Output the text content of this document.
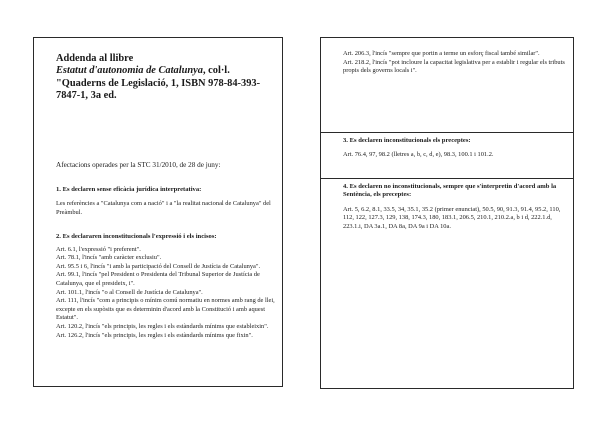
Addenda al llibre
Estatut d'autonomia de Catalunya, col·l. "Quaderns de Legislació, 1, ISBN 978-84-393-7847-1, 3a ed.

Afectacions operades per la STC 31/2010, de 28 de juny:

1. Es declaren sense eficàcia jurídica interpretativa:

Les referències a "Catalunya com a nació" i a "la realitat nacional de Catalunya" del Preàmbul.

2. Es declararen inconstitucionals l'expressió i els incisos:

Art. 6.1, l'expressió "i preferent".

Art. 78.1, l'incís "amb caràcter exclusiu".

Art. 95.5 i 6, l'incís "i amb la participació del Consell de Justícia de Catalunya".

Art. 99.1, l'incís "pel President o Presidenta del Tribunal Superior de Justícia de Catalunya, que el presideix, i".

Art. 101.1, l'incís "o al Consell de Justícia de Catalunya".

Art. 111, l'incís "com a principis o mínim comú normatiu en normes amb rang de llei, excepte en els supòsits que es determinin d'acord amb la Constitució i amb aquest Estatut".

Art. 120.2, l'incís "els principis, les regles i els estàndards mínims que estableixin".

Art. 126.2, l'incís "els principis, les regles i els estàndards mínims que fixin".

Art. 206.3, l'incís "sempre que portin a terme un esforç fiscal també similar".

Art. 218.2, l'incís "pot incloure la capacitat legislativa per a establir i regular els tributs propis dels governs locals i".

3. Es declaren inconstitucionals els preceptes:

Art. 76.4, 97, 98.2 (lletres a, b, c, d, e), 98.3, 100.1 i 101.2.

4. Es declaren no inconstitucionals, sempre que s'interpretin d'acord amb la Sentència, els preceptes:

Art. 5, 6.2, 8.1, 33.5, 34, 35.1, 35.2 (primer enunciat), 50.5, 90, 91.3, 91.4, 95.2, 110, 112, 122, 127.3, 129, 138, 174.3, 180, 183.1, 206.5, 210.1, 210.2.a, b i d, 222.1.d, 223.1.i, DA 3a.1, DA 8a, DA 9a i DA 10a.
